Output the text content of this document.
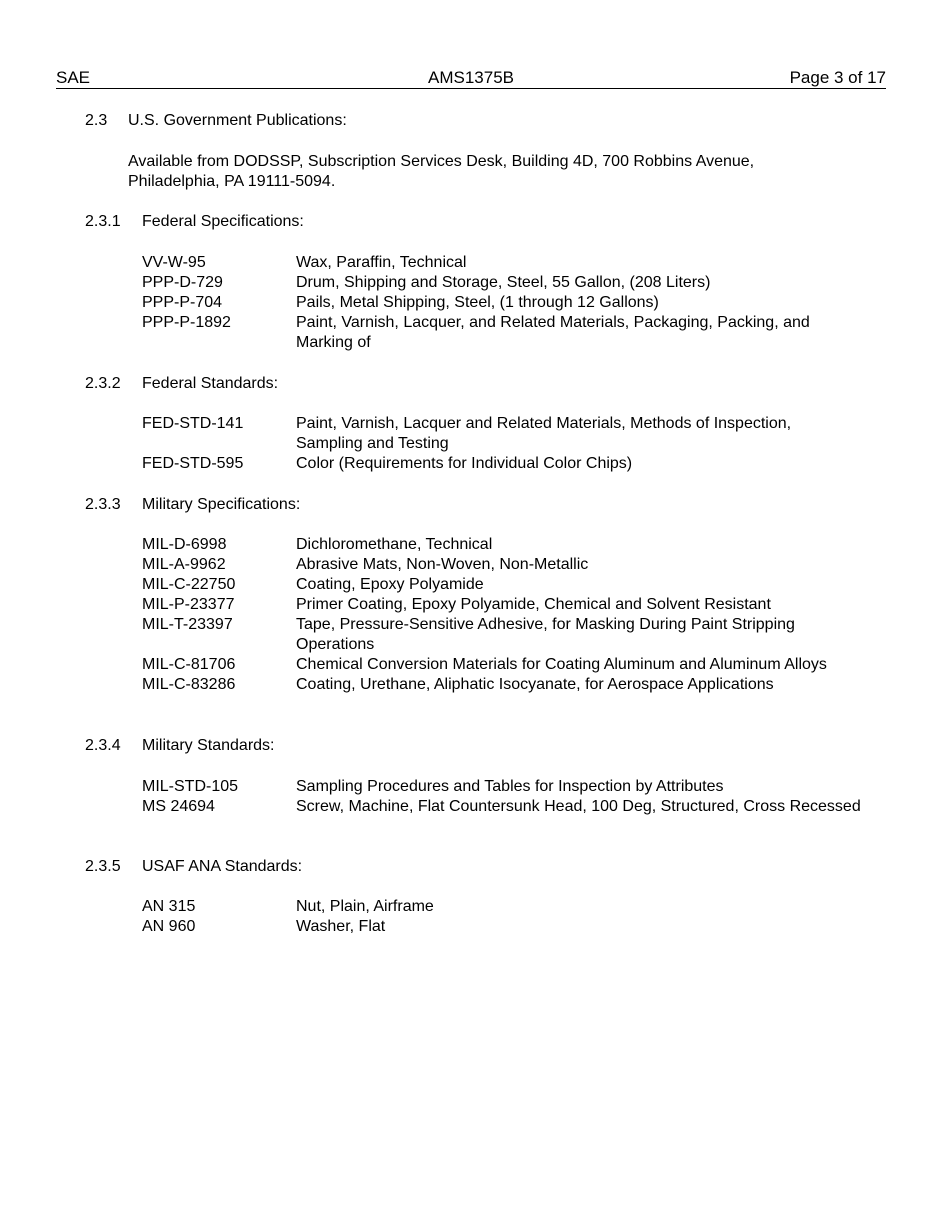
SAE	AMS1375B	Page 3 of 17
2.3 U.S. Government Publications:
Available from DODSSP, Subscription Services Desk, Building 4D, 700 Robbins Avenue, Philadelphia, PA 19111-5094.
2.3.1 Federal Specifications:
VV-W-95	Wax, Paraffin, Technical
PPP-D-729	Drum, Shipping and Storage, Steel, 55 Gallon, (208 Liters)
PPP-P-704	Pails, Metal Shipping, Steel, (1 through 12 Gallons)
PPP-P-1892	Paint, Varnish, Lacquer, and Related Materials, Packaging, Packing, and Marking of
2.3.2 Federal Standards:
FED-STD-141	Paint, Varnish, Lacquer and Related Materials, Methods of Inspection, Sampling and Testing
FED-STD-595	Color (Requirements for Individual Color Chips)
2.3.3 Military Specifications:
MIL-D-6998	Dichloromethane, Technical
MIL-A-9962	Abrasive Mats, Non-Woven, Non-Metallic
MIL-C-22750	Coating, Epoxy Polyamide
MIL-P-23377	Primer Coating, Epoxy Polyamide, Chemical and Solvent Resistant
MIL-T-23397	Tape, Pressure-Sensitive Adhesive, for Masking During Paint Stripping Operations
MIL-C-81706	Chemical Conversion Materials for Coating Aluminum and Aluminum Alloys
MIL-C-83286	Coating, Urethane, Aliphatic Isocyanate, for Aerospace Applications
2.3.4 Military Standards:
MIL-STD-105	Sampling Procedures and Tables for Inspection by Attributes
MS 24694	Screw, Machine, Flat Countersunk Head, 100 Deg, Structured, Cross Recessed
2.3.5 USAF ANA Standards:
AN 315	Nut, Plain, Airframe
AN 960	Washer, Flat
